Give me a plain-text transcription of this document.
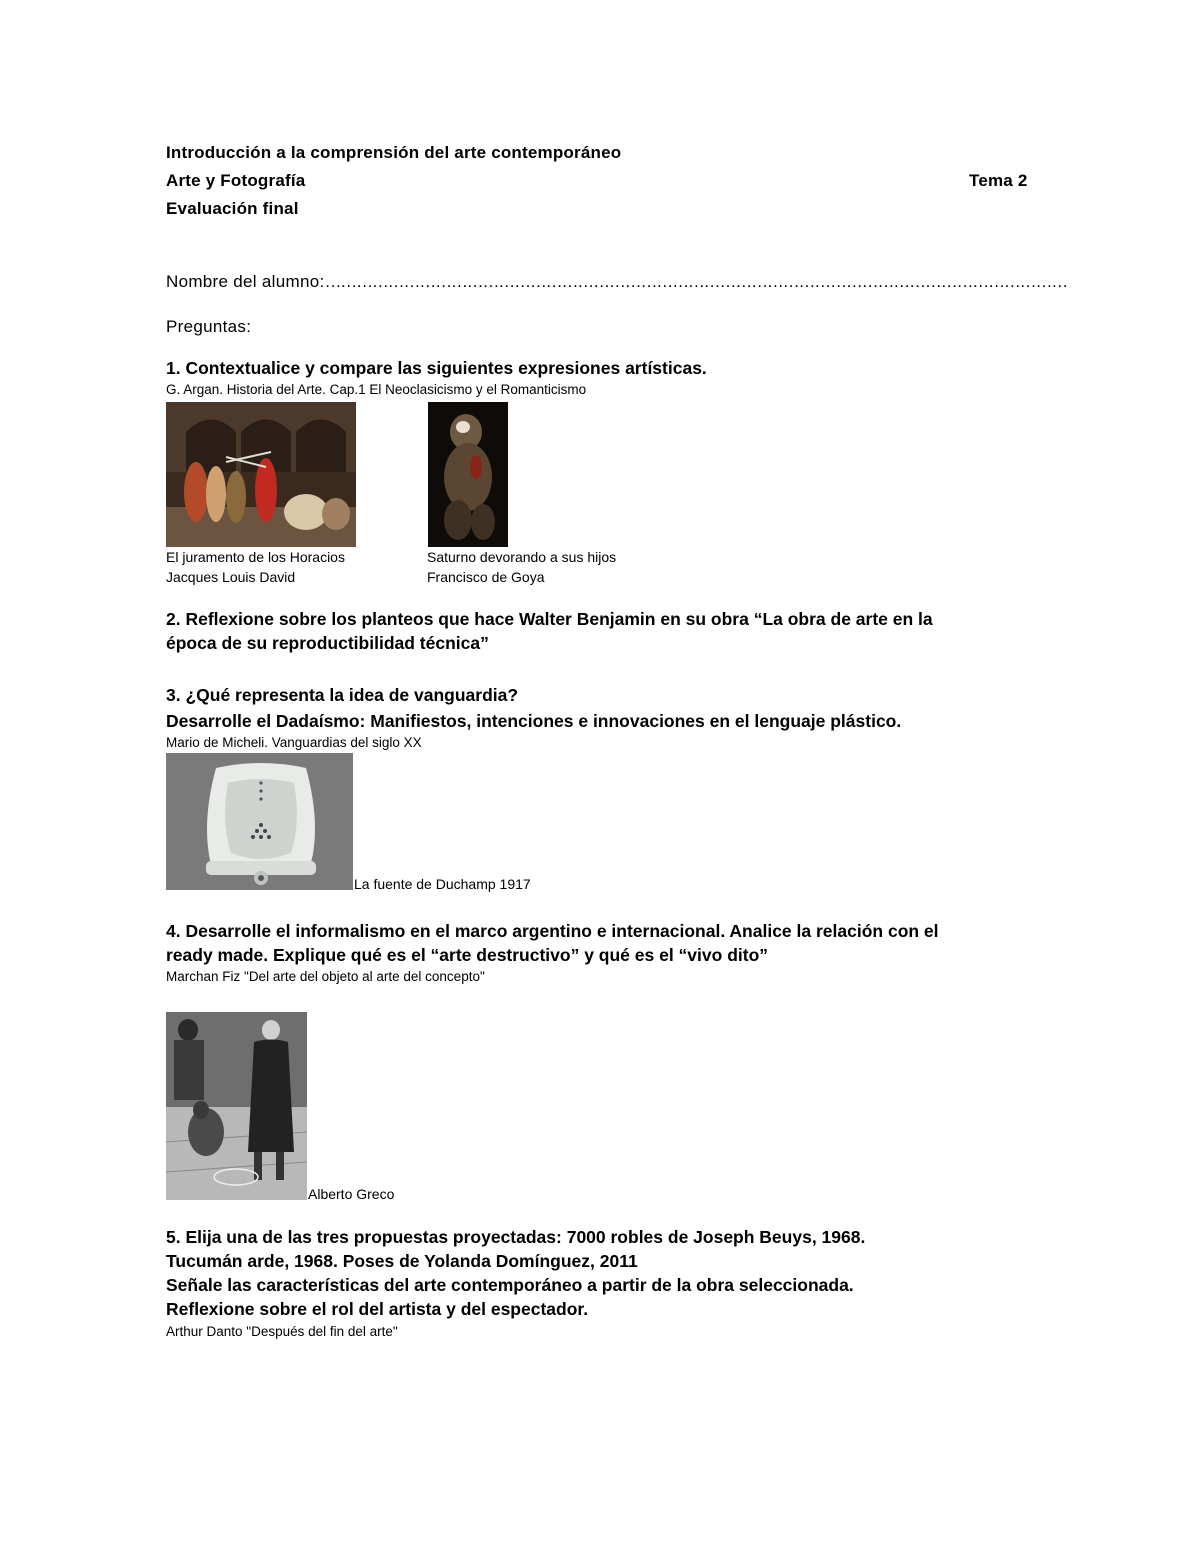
Introducción a la comprensión del arte contemporáneo
Arte y Fotografía	Tema 2
Evaluación final
Nombre del alumno:……………………………………………………………………………………………………………………………
Preguntas:
1. Contextualice y compare las siguientes expresiones artísticas.
G. Argan. Historia del Arte. Cap.1 El Neoclasicismo y el Romanticismo
El juramento de los Horacios
Jacques Louis David
Saturno devorando a sus hijos
Francisco de Goya
2. Reflexione sobre los planteos que hace Walter Benjamin en su obra “La obra de arte en la
época de su reproductibilidad técnica”
3. ¿Qué representa la idea de vanguardia?
Desarrolle el Dadaísmo: Manifiestos, intenciones e innovaciones en el lenguaje plástico.
Mario de Micheli. Vanguardias del siglo XX
La fuente de Duchamp 1917
4. Desarrolle el informalismo en el marco argentino e internacional. Analice la relación con el
ready made. Explique qué es el “arte destructivo” y qué es el “vivo dito”
Marchan Fiz "Del arte del objeto al arte del concepto"
Alberto Greco
5. Elija una de las tres propuestas proyectadas: 7000 robles de Joseph Beuys, 1968.
Tucumán arde, 1968. Poses de Yolanda Domínguez, 2011
Señale las características del arte contemporáneo a partir de la obra seleccionada.
Reflexione sobre el rol del artista y del espectador.
Arthur Danto "Después del fin del arte"
